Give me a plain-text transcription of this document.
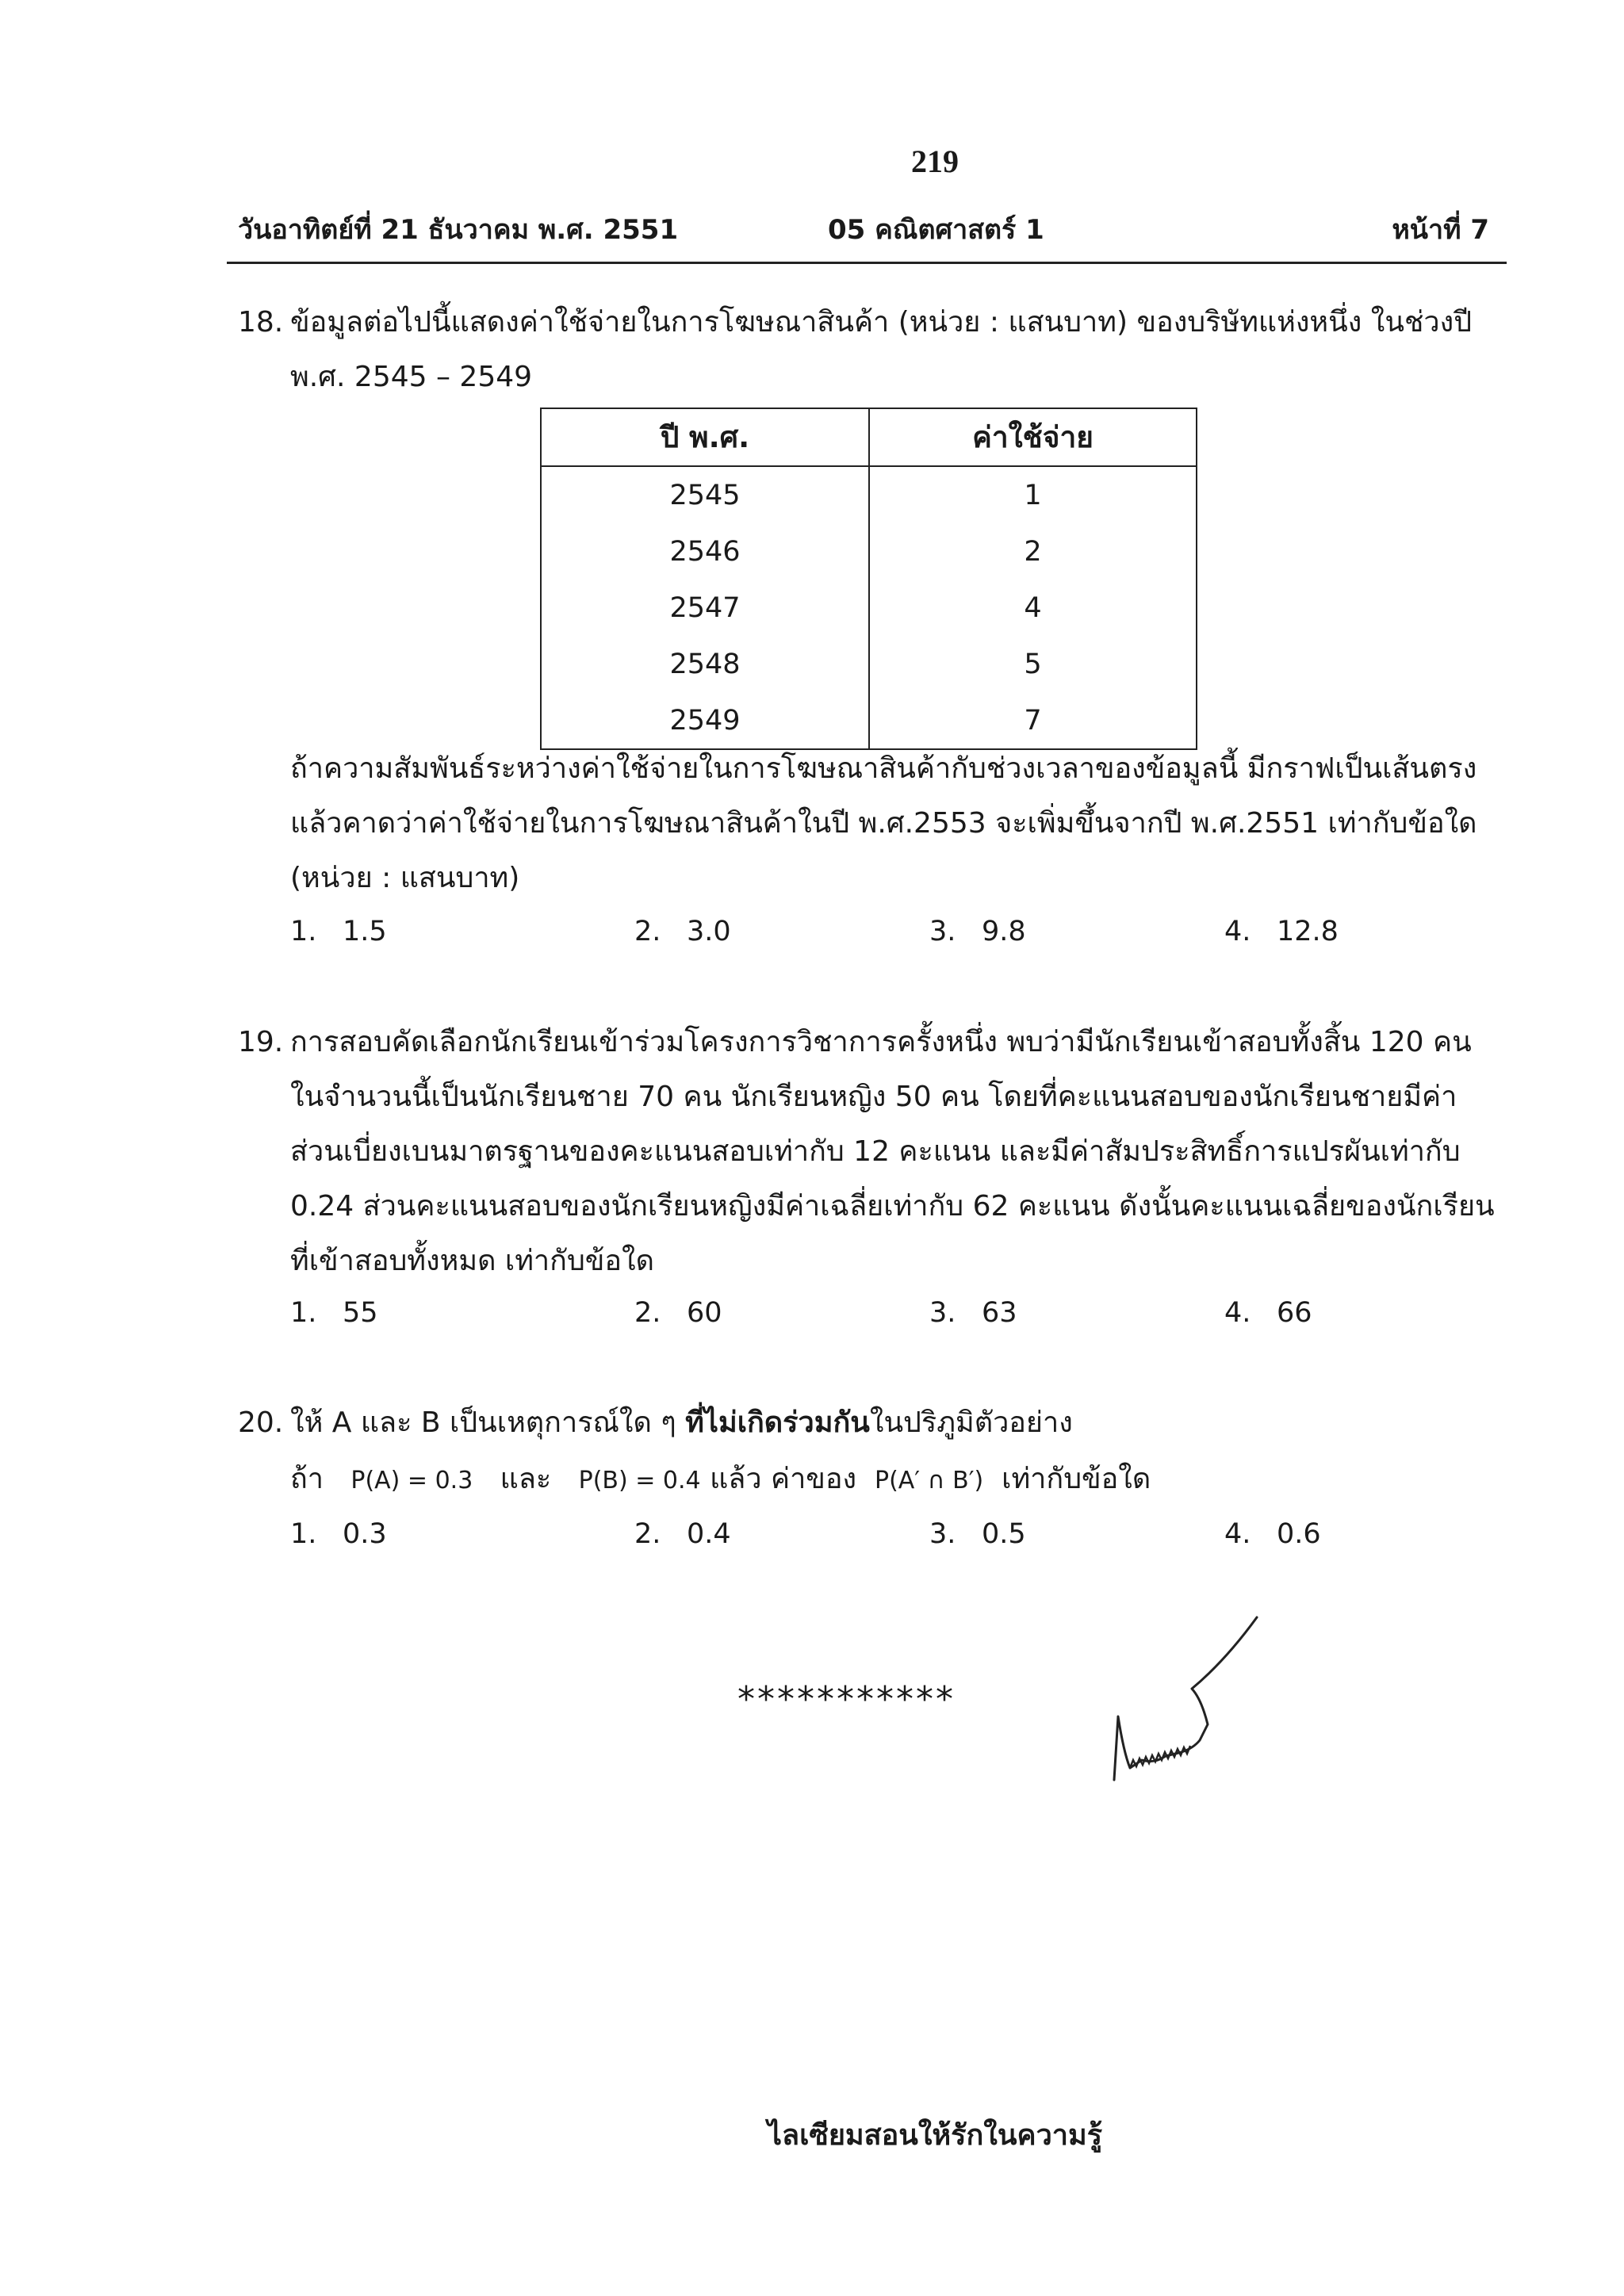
219
วันอาทิตย์ที่ 21 ธันวาคม พ.ศ. 2551	05 คณิตศาสตร์ 1	หน้าที่ 7
18. ข้อมูลต่อไปนี้แสดงค่าใช้จ่ายในการโฆษณาสินค้า (หน่วย : แสนบาท) ของบริษัทแห่งหนึ่ง ในช่วงปี
พ.ศ. 2545 – 2549
ปี พ.ศ.	ค่าใช้จ่าย
2545	1
2546	2
2547	4
2548	5
2549	7
ถ้าความสัมพันธ์ระหว่างค่าใช้จ่ายในการโฆษณาสินค้ากับช่วงเวลาของข้อมูลนี้ มีกราฟเป็นเส้นตรง
แล้วคาดว่าค่าใช้จ่ายในการโฆษณาสินค้าในปี พ.ศ.2553 จะเพิ่มขึ้นจากปี พ.ศ.2551 เท่ากับข้อใด
(หน่วย : แสนบาท)
1. 1.5	2. 3.0	3. 9.8	4. 12.8
19. การสอบคัดเลือกนักเรียนเข้าร่วมโครงการวิชาการครั้งหนึ่ง พบว่ามีนักเรียนเข้าสอบทั้งสิ้น 120 คน
ในจำนวนนี้เป็นนักเรียนชาย 70 คน นักเรียนหญิง 50 คน โดยที่คะแนนสอบของนักเรียนชายมีค่า
ส่วนเบี่ยงเบนมาตรฐานของคะแนนสอบเท่ากับ 12 คะแนน และมีค่าสัมประสิทธิ์การแปรผันเท่ากับ
0.24 ส่วนคะแนนสอบของนักเรียนหญิงมีค่าเฉลี่ยเท่ากับ 62 คะแนน ดังนั้นคะแนนเฉลี่ยของนักเรียน
ที่เข้าสอบทั้งหมด เท่ากับข้อใด
1. 55	2. 60	3. 63	4. 66
20. ให้ A และ B เป็นเหตุการณ์ใด ๆ ที่ไม่เกิดร่วมกันในปริภูมิตัวอย่าง
ถ้า P(A) = 0.3 และ P(B) = 0.4 แล้ว ค่าของ P(A′ ∩ B′) เท่ากับข้อใด
1. 0.3	2. 0.4	3. 0.5	4. 0.6
***********
ไลเซียมสอนให้รักในความรู้
